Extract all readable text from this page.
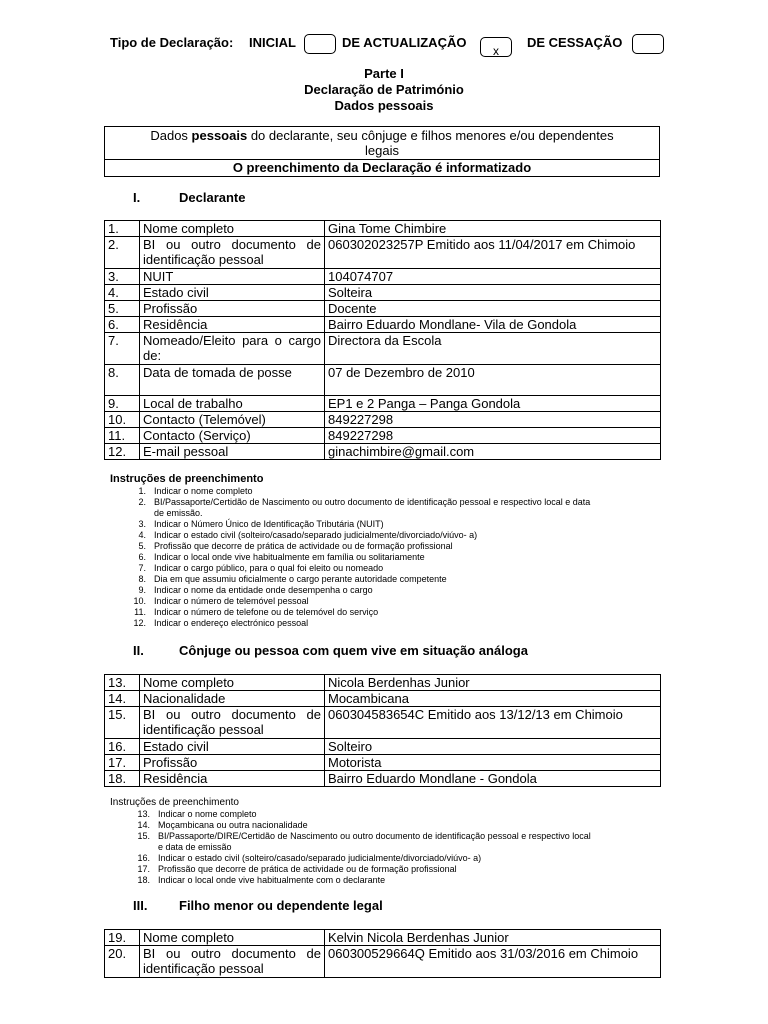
Tipo de Declaração: INICIAL	DE ACTUALIZAÇÃO
x
DE CESSAÇÃO
Parte I
Declaração de Património
Dados pessoais
Dados pessoais do declarante, seu cônjuge e filhos menores e/ou dependentes
legais
O preenchimento da Declaração é informatizado
I.	Declarante
1.	Nome completo	Gina Tome Chimbire
2.	BI ou outro documento de identificação pessoal	060302023257P Emitido aos 11/04/2017 em Chimoio
3.	NUIT	104074707
4.	Estado civil	Solteira
5.	Profissão	Docente
6.	Residência	Bairro Eduardo Mondlane- Vila de Gondola
7.	Nomeado/Eleito para o cargo de:	Directora da Escola
8.	Data de tomada de posse	07 de Dezembro de 2010
9.	Local de trabalho	EP1 e 2 Panga – Panga Gondola
10.	Contacto (Telemóvel)	849227298
11.	Contacto (Serviço)	849227298
12.	E-mail pessoal	ginachimbire@gmail.com
Instruções de preenchimento
1. Indicar o nome completo
2. BI/Passaporte/Certidão de Nascimento ou outro documento de identificação pessoal e respectivo local e data
de emissão.
3. Indicar o Número Único de Identificação Tributária (NUIT)
4. Indicar o estado civil (solteiro/casado/separado judicialmente/divorciado/viúvo- a)
5. Profissão que decorre de prática de actividade ou de formação profissional
6. Indicar o local onde vive habitualmente em família ou solitariamente
7. Indicar o cargo público, para o qual foi eleito ou nomeado
8. Dia em que assumiu oficialmente o cargo perante autoridade competente
9. Indicar o nome da entidade onde desempenha o cargo
10. Indicar o número de telemóvel pessoal
11. Indicar o número de telefone ou de telemóvel do serviço
12. Indicar o endereço electrónico pessoal
II.	Cônjuge ou pessoa com quem vive em situação análoga
13.	Nome completo	Nicola Berdenhas Junior
14.	Nacionalidade	Mocambicana
15.	BI ou outro documento de identificação pessoal	060304583654C Emitido aos 13/12/13 em Chimoio
16.	Estado civil	Solteiro
17.	Profissão	Motorista
18.	Residência	Bairro Eduardo Mondlane - Gondola
Instruções de preenchimento
13. Indicar o nome completo
14. Moçambicana ou outra nacionalidade
15. BI/Passaporte/DIRE/Certidão de Nascimento ou outro documento de identificação pessoal e respectivo local
e data de emissão
16. Indicar o estado civil (solteiro/casado/separado judicialmente/divorciado/viúvo- a)
17. Profissão que decorre de prática de actividade ou de formação profissional
18. Indicar o local onde vive habitualmente com o declarante
III. Filho menor ou dependente legal
19.	Nome completo	Kelvin Nicola Berdenhas Junior
20.	BI ou outro documento de identificação pessoal	060300529664Q Emitido aos 31/03/2016 em Chimoio
